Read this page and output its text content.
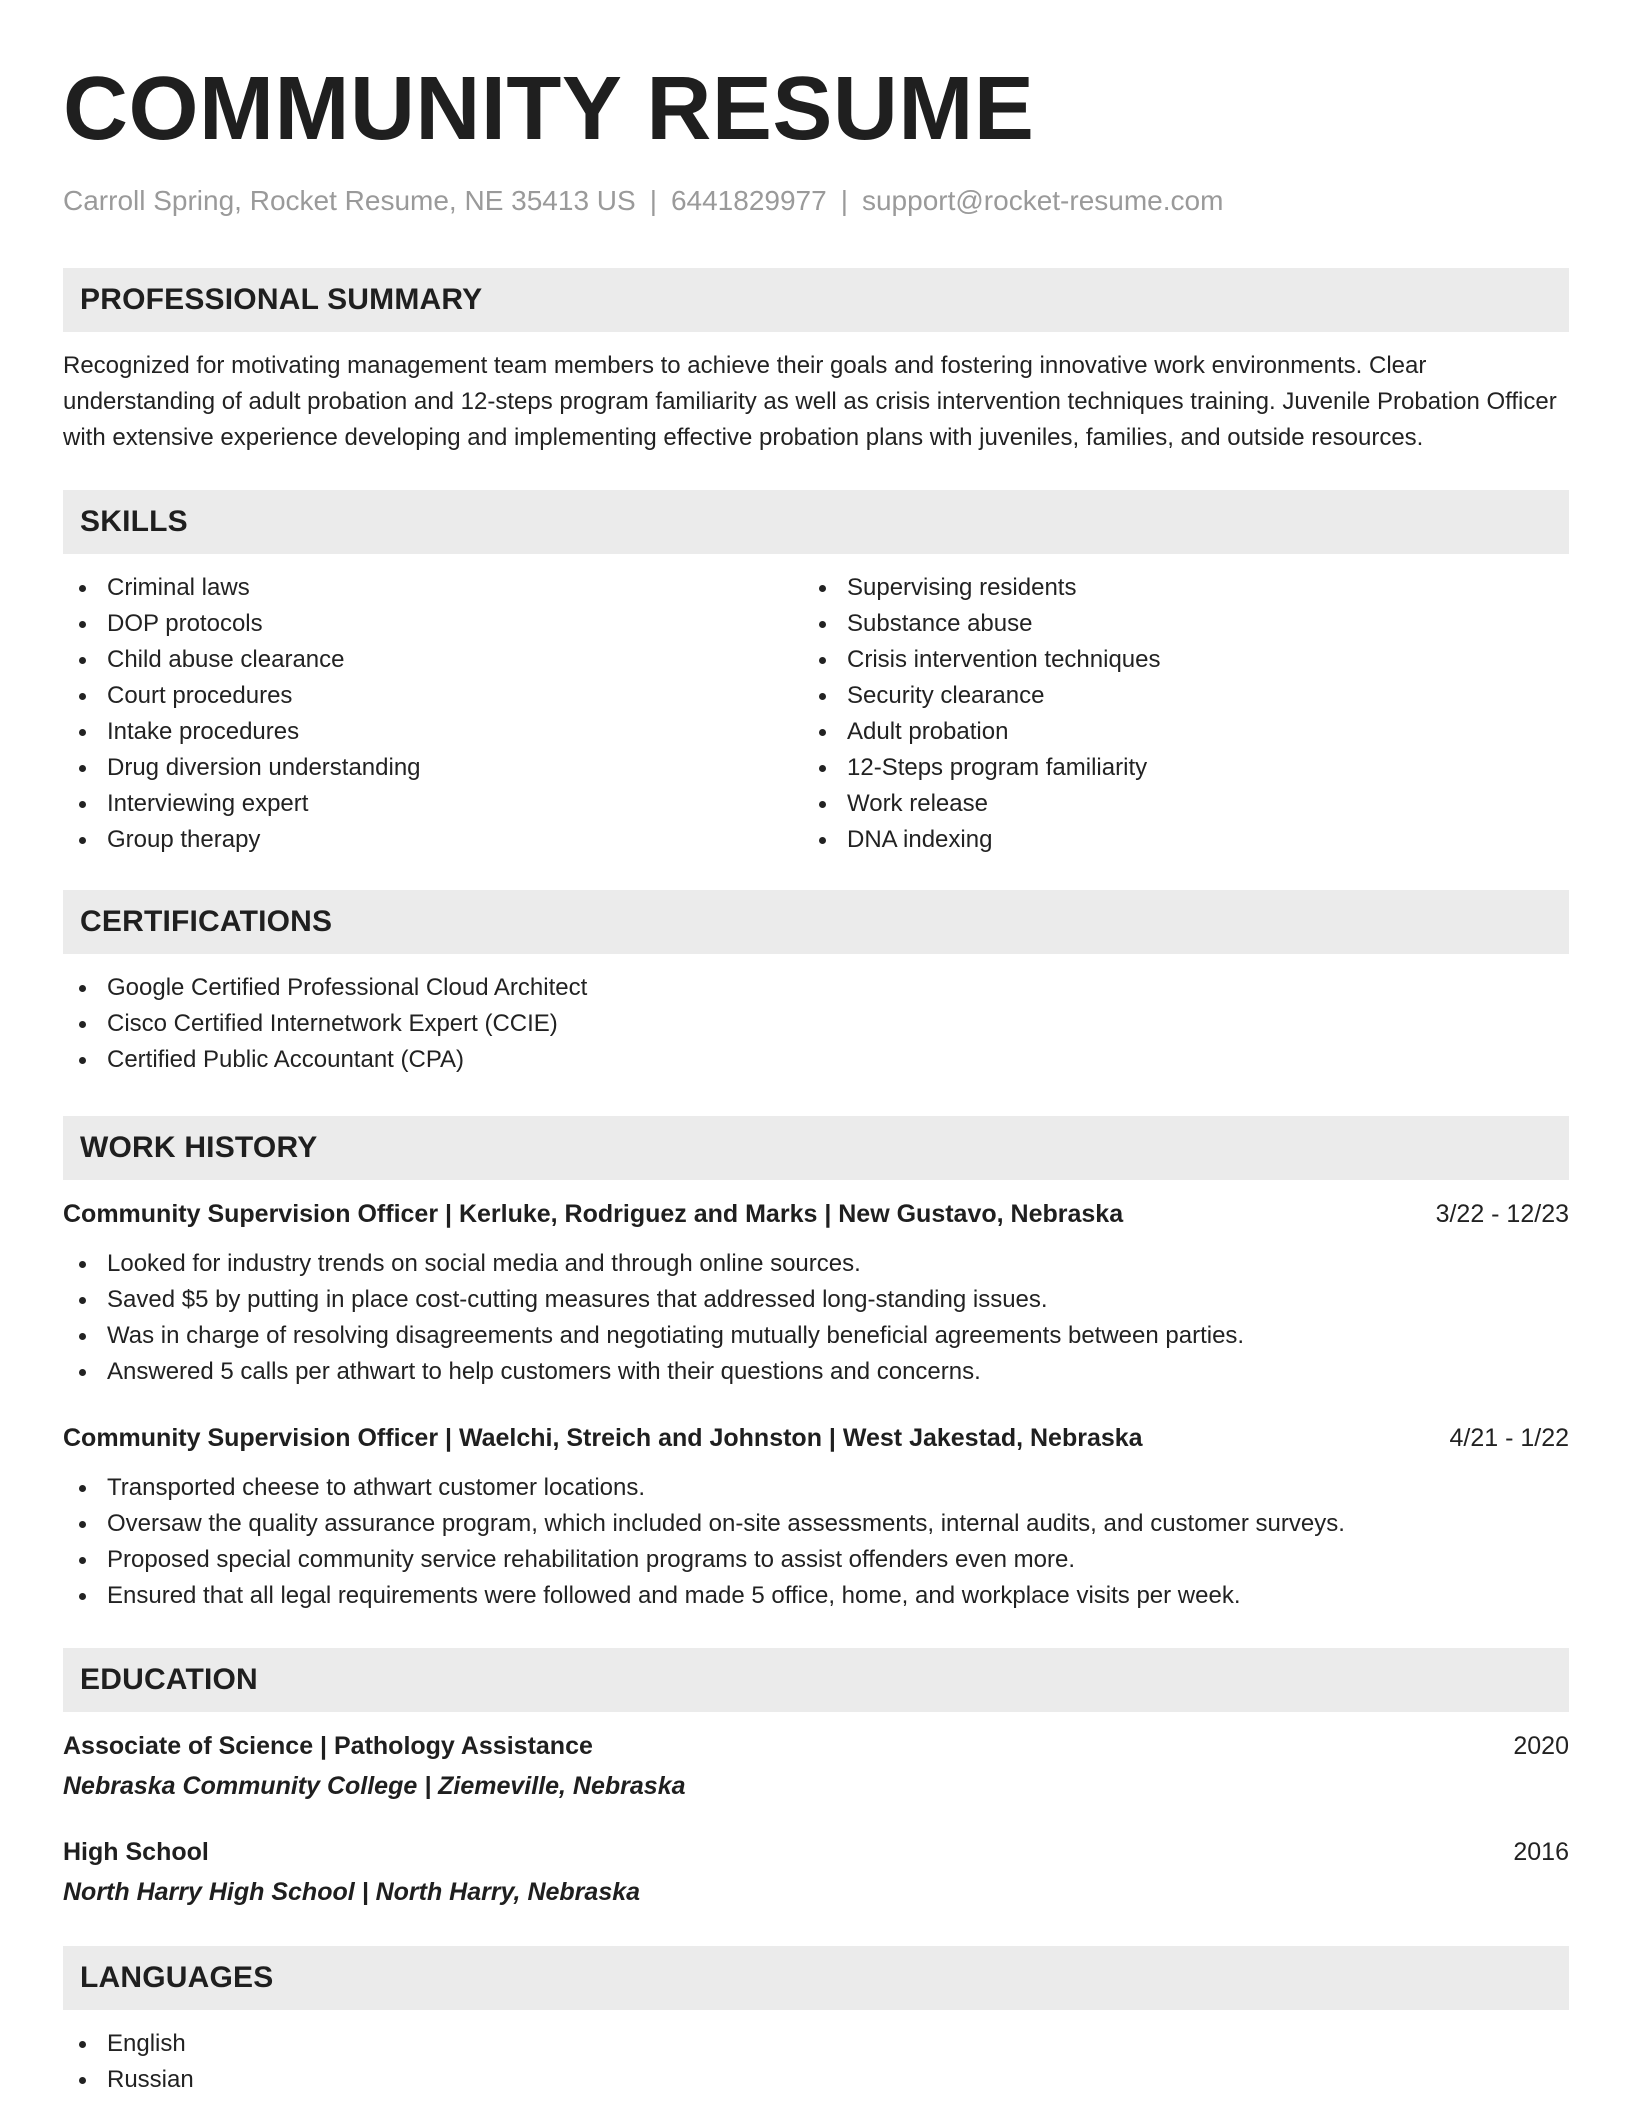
COMMUNITY RESUME
Carroll Spring, Rocket Resume, NE 35413 US | 6441829977 | support@rocket-resume.com
PROFESSIONAL SUMMARY
Recognized for motivating management team members to achieve their goals and fostering innovative work environments. Clear understanding of adult probation and 12-steps program familiarity as well as crisis intervention techniques training. Juvenile Probation Officer with extensive experience developing and implementing effective probation plans with juveniles, families, and outside resources.
SKILLS
Criminal laws
DOP protocols
Child abuse clearance
Court procedures
Intake procedures
Drug diversion understanding
Interviewing expert
Group therapy
Supervising residents
Substance abuse
Crisis intervention techniques
Security clearance
Adult probation
12-Steps program familiarity
Work release
DNA indexing
CERTIFICATIONS
Google Certified Professional Cloud Architect
Cisco Certified Internetwork Expert (CCIE)
Certified Public Accountant (CPA)
WORK HISTORY
Community Supervision Officer | Kerluke, Rodriguez and Marks | New Gustavo, Nebraska	3/22 - 12/23
Looked for industry trends on social media and through online sources.
Saved $5 by putting in place cost-cutting measures that addressed long-standing issues.
Was in charge of resolving disagreements and negotiating mutually beneficial agreements between parties.
Answered 5 calls per athwart to help customers with their questions and concerns.
Community Supervision Officer | Waelchi, Streich and Johnston | West Jakestad, Nebraska	4/21 - 1/22
Transported cheese to athwart customer locations.
Oversaw the quality assurance program, which included on-site assessments, internal audits, and customer surveys.
Proposed special community service rehabilitation programs to assist offenders even more.
Ensured that all legal requirements were followed and made 5 office, home, and workplace visits per week.
EDUCATION
Associate of Science | Pathology Assistance	2020
Nebraska Community College | Ziemeville, Nebraska
High School	2016
North Harry High School | North Harry, Nebraska
LANGUAGES
English
Russian
